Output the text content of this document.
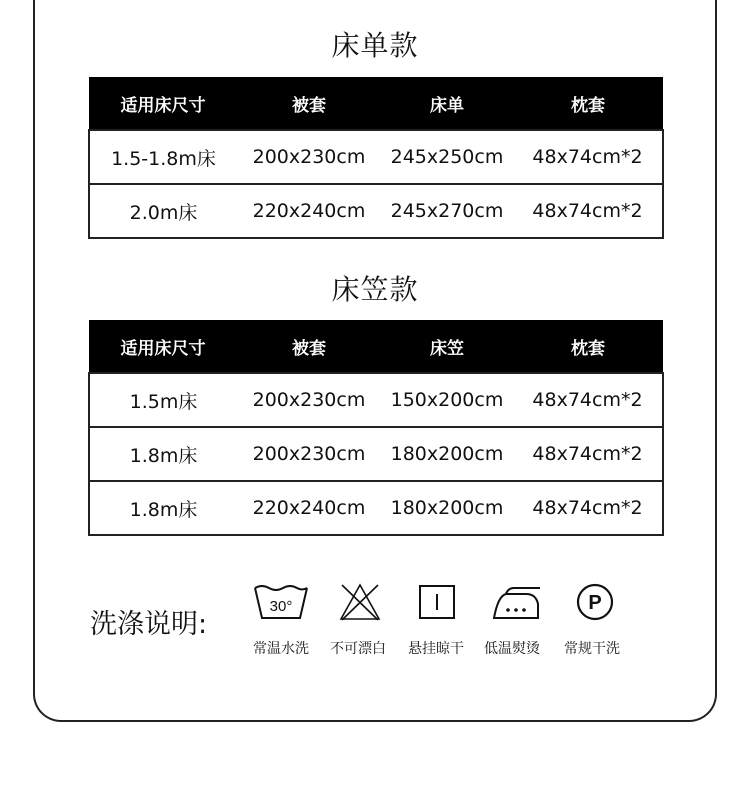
床单款
适用床尺寸	被套	床单	枕套
1.5-1.8m床	200x230cm	245x250cm	48x74cm*2
2.0m床	220x240cm	245x270cm	48x74cm*2
床笠款
适用床尺寸	被套	床笠	枕套
1.5m床	200x230cm	150x200cm	48x74cm*2
1.8m床	200x230cm	180x200cm	48x74cm*2
1.8m床	220x240cm	180x200cm	48x74cm*2
洗涤说明:
30°
常温水洗	不可漂白	悬挂晾干	低温熨烫
P
常规干洗
